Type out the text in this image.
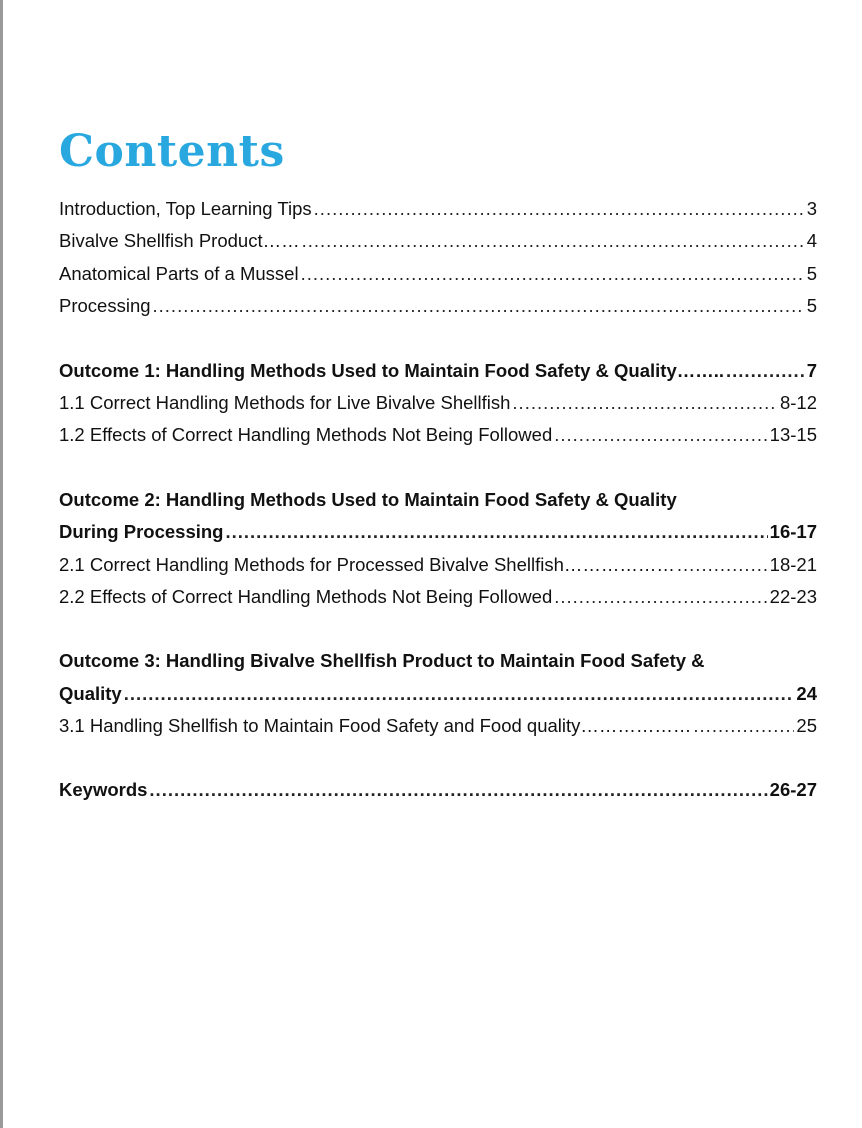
Contents
Introduction, Top Learning Tips .....	3
Bivalve Shellfish Product…… .....	4
Anatomical Parts of a Mussel .....	5
Processing .....	5
Outcome 1: Handling Methods Used to Maintain Food Safety & Quality…….. .....	7
1.1 Correct Handling Methods for Live Bivalve Shellfish .....	8-12
1.2 Effects of Correct Handling Methods Not Being Followed .....	13-15
Outcome 2: Handling Methods Used to Maintain Food Safety & Quality
During Processing .....	16-17
2.1 Correct Handling Methods for Processed Bivalve Shellfish……………… .....	18-21
2.2 Effects of Correct Handling Methods Not Being Followed .....	22-23
Outcome 3: Handling Bivalve Shellfish Product to Maintain Food Safety &
Quality .....	24
3.1 Handling Shellfish to Maintain Food Safety and Food quality……………… .....	25
Keywords .....	26-27
